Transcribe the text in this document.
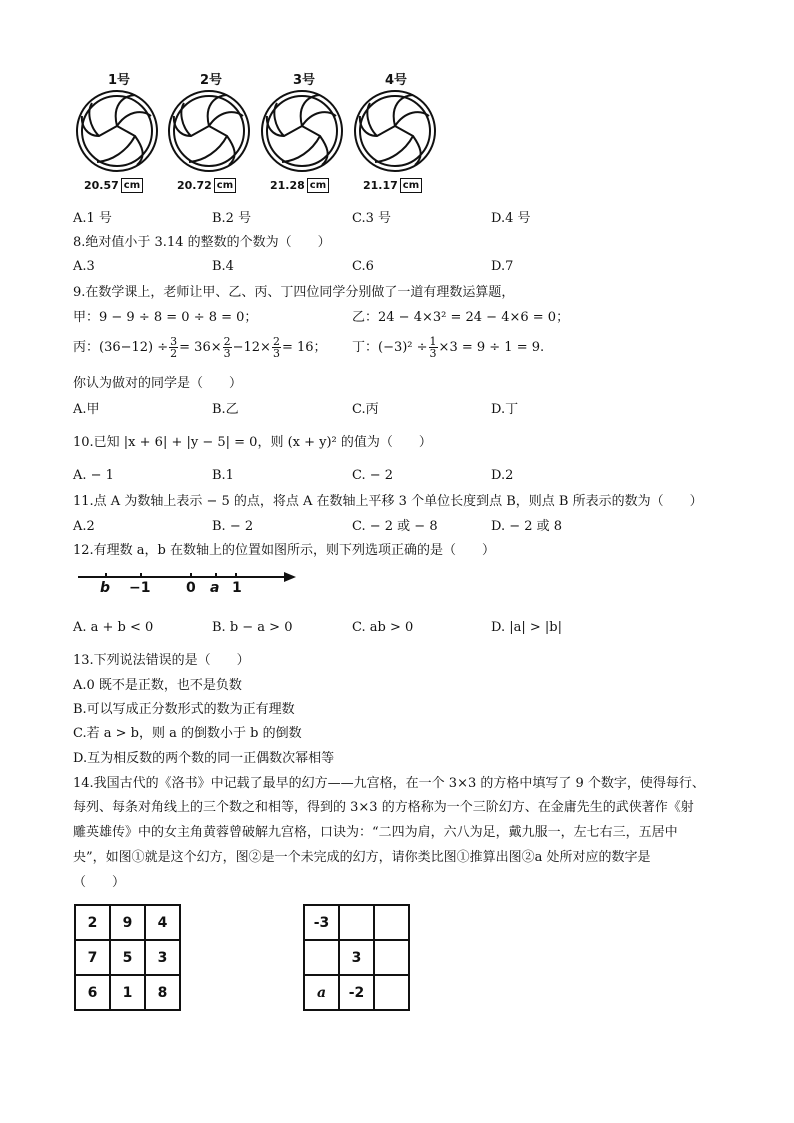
1号	2号	3号	4号
20.57 cm	20.72 cm	21.28 cm	21.17 cm
A.1 号	B.2 号	C.3 号	D.4 号
8.绝对值小于 3.14 的整数的个数为（　　）
A.3	B.4	C.6	D.7
9.在数学课上，老师让甲、乙、丙、丁四位同学分别做了一道有理数运算题，
甲：9 − 9 ÷ 8 = 0 ÷ 8 = 0；	乙：24 − 4×3² = 24 − 4×6 = 0；
丙：$(36-12) \div \frac{3}{2} = 36\times \frac{2}{3} -12\times \frac{2}{3} = 16$； 丁：$(-3)^2 \div \frac{1}{3} \times 3 = 9 \div 1 = 9$.
你认为做对的同学是（　　）
A.甲	B.乙	C.丙	D.丁
10.已知 |x + 6| + |y − 5| = 0，则 (x + y)² 的值为（　　）
A. − 1	B.1	C. − 2	D.2
11.点 A 为数轴上表示 − 5 的点，将点 A 在数轴上平移 3 个单位长度到点 B，则点 B 所表示的数为（　　）
A.2	B. − 2	C. − 2 或 − 8	D. − 2 或 8
12.有理数 a，b 在数轴上的位置如图所示，则下列选项正确的是（　　）
b −1	0 a 1
A. a + b < 0	B. b − a > 0	C. ab > 0	D. |a| > |b|
13.下列说法错误的是（　　）
A.0 既不是正数，也不是负数
B.可以写成正分数形式的数为正有理数
C.若 a > b，则 a 的倒数小于 b 的倒数
D.互为相反数的两个数的同一正偶数次幂相等
14.我国古代的《洛书》中记载了最早的幻方——九宫格，在一个 3×3 的方格中填写了 9 个数字，使得每行、
每列、每条对角线上的三个数之和相等，得到的 3×3 的方格称为一个三阶幻方、在金庸先生的武侠著作《射
雕英雄传》中的女主角黄蓉曾破解九宫格，口诀为：“二四为肩，六八为足，戴九服一，左七右三，五居中
央”，如图①就是这个幻方，图②是一个未完成的幻方，请你类比图①推算出图②a 处所对应的数字是
（　　）
2	9	4
7	5	3
6	1	8
-3		
	3	
a	-2	
